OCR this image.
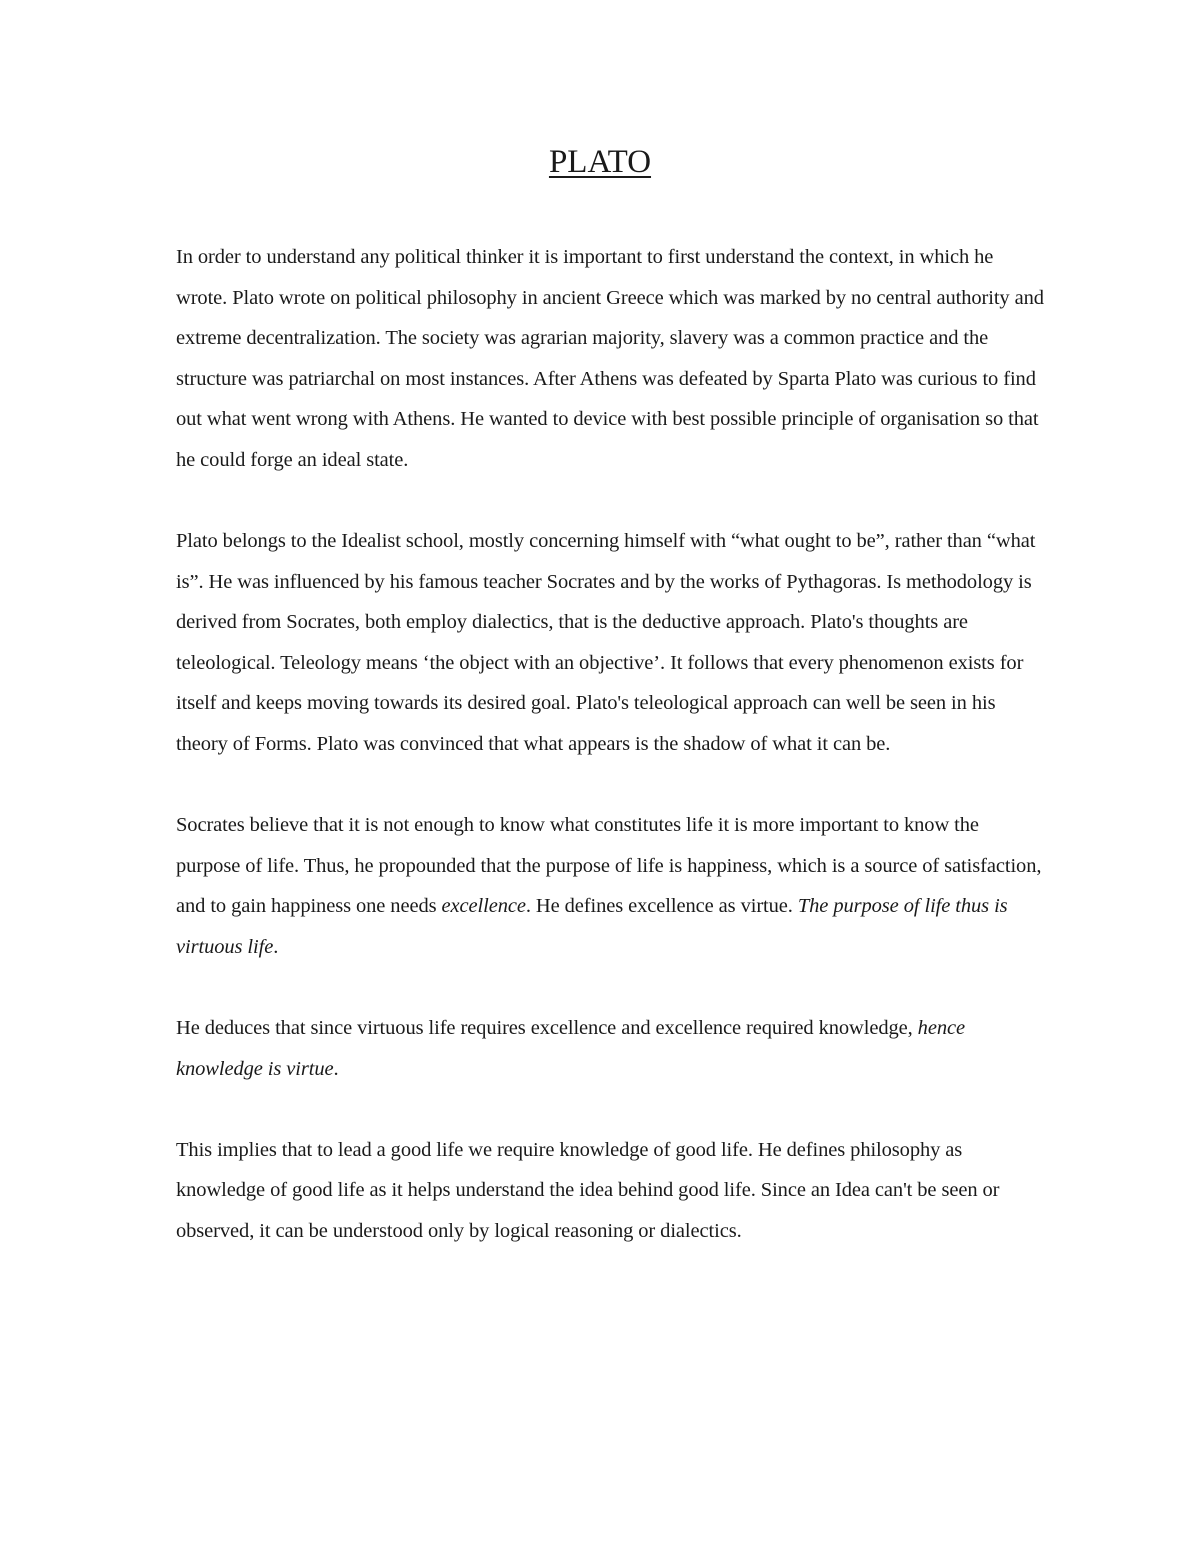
PLATO

In order to understand any political thinker it is important to first understand the context, in which he wrote. Plato wrote on political philosophy in ancient Greece which was marked by no central authority and extreme decentralization. The society was agrarian majority, slavery was a common practice and the structure was patriarchal on most instances. After Athens was defeated by Sparta Plato was curious to find out what went wrong with Athens. He wanted to device with best possible principle of organisation so that he could forge an ideal state.

Plato belongs to the Idealist school, mostly concerning himself with “what ought to be”, rather than “what is”. He was influenced by his famous teacher Socrates and by the works of Pythagoras. Is methodology is derived from Socrates, both employ dialectics, that is the deductive approach. Plato's thoughts are teleological. Teleology means ‘the object with an objective’. It follows that every phenomenon exists for itself and keeps moving towards its desired goal. Plato's teleological approach can well be seen in his theory of Forms. Plato was convinced that what appears is the shadow of what it can be.

Socrates believe that it is not enough to know what constitutes life it is more important to know the purpose of life. Thus, he propounded that the purpose of life is happiness, which is a source of satisfaction, and to gain happiness one needs excellence. He defines excellence as virtue. The purpose of life thus is virtuous life.

He deduces that since virtuous life requires excellence and excellence required knowledge, hence knowledge is virtue.

This implies that to lead a good life we require knowledge of good life. He defines philosophy as knowledge of good life as it helps understand the idea behind good life. Since an Idea can't be seen or observed, it can be understood only by logical reasoning or dialectics.
